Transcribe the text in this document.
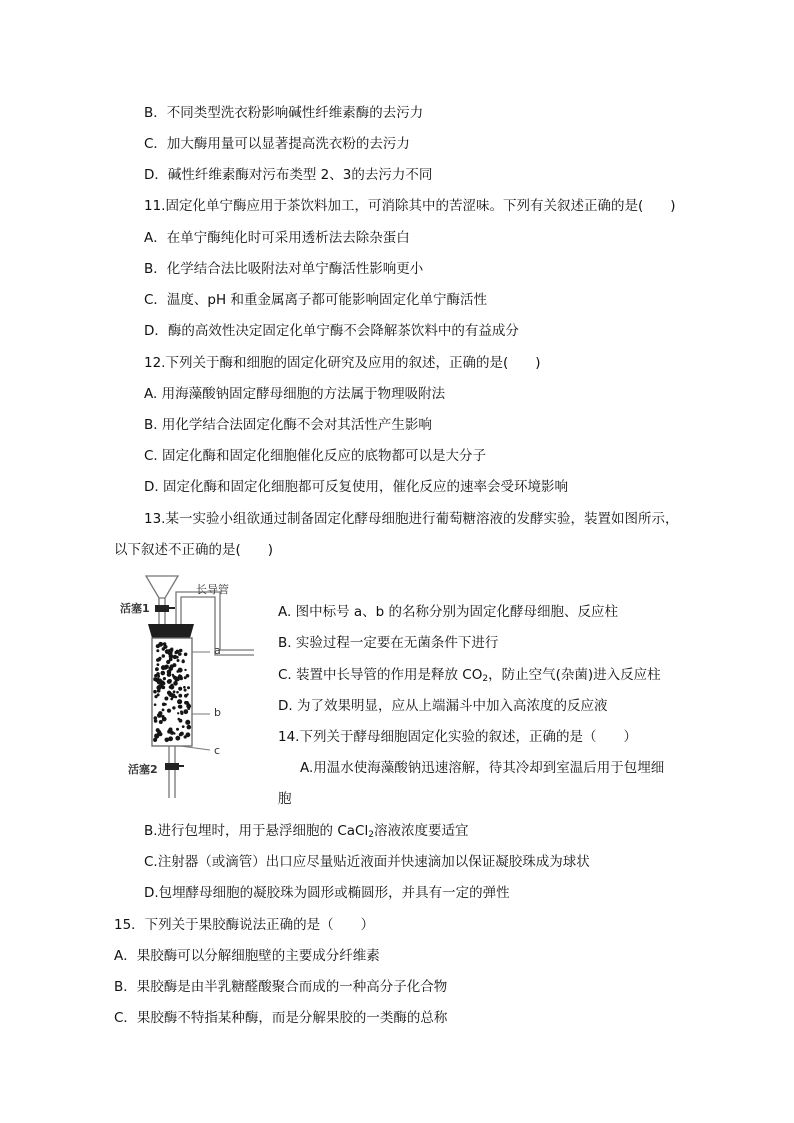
B．不同类型洗衣粉影响碱性纤维素酶的去污力
C．加大酶用量可以显著提高洗衣粉的去污力
D．碱性纤维素酶对污布类型 2、3的去污力不同
11.固定化单宁酶应用于茶饮料加工，可消除其中的苦涩味。下列有关叙述正确的是(　　)
A．在单宁酶纯化时可采用透析法去除杂蛋白
B．化学结合法比吸附法对单宁酶活性影响更小
C．温度、pH 和重金属离子都可能影响固定化单宁酶活性
D．酶的高效性决定固定化单宁酶不会降解茶饮料中的有益成分
12.下列关于酶和细胞的固定化研究及应用的叙述，正确的是(　　)
A. 用海藻酸钠固定酵母细胞的方法属于物理吸附法
B. 用化学结合法固定化酶不会对其活性产生影响
C. 固定化酶和固定化细胞催化反应的底物都可以是大分子
D. 固定化酶和固定化细胞都可反复使用，催化反应的速率会受环境影响
13.某一实验小组欲通过制备固定化酵母细胞进行葡萄糖溶液的发酵实验，装置如图所示，
以下叙述不正确的是(　　)
长导管
活塞1
a
b
c
活塞2
A. 图中标号 a、b 的名称分别为固定化酵母细胞、反应柱
B. 实验过程一定要在无菌条件下进行
C. 装置中长导管的作用是释放 $CO_2$，防止空气(杂菌)进入反应柱
D. 为了效果明显，应从上端漏斗中加入高浓度的反应液
14.下列关于酵母细胞固定化实验的叙述，正确的是（　　）
A.用温水使海藻酸钠迅速溶解，待其冷却到室温后用于包埋细
胞
B.进行包埋时，用于悬浮细胞的 CaCl$_2$溶液浓度要适宜
C.注射器（或滴管）出口应尽量贴近液面并快速滴加以保证凝胶珠成为球状
D.包埋酵母细胞的凝胶珠为圆形或椭圆形，并具有一定的弹性
15．下列关于果胶酶说法正确的是（　　）
A．果胶酶可以分解细胞壁的主要成分纤维素
B．果胶酶是由半乳糖醛酸聚合而成的一种高分子化合物
C．果胶酶不特指某种酶，而是分解果胶的一类酶的总称
